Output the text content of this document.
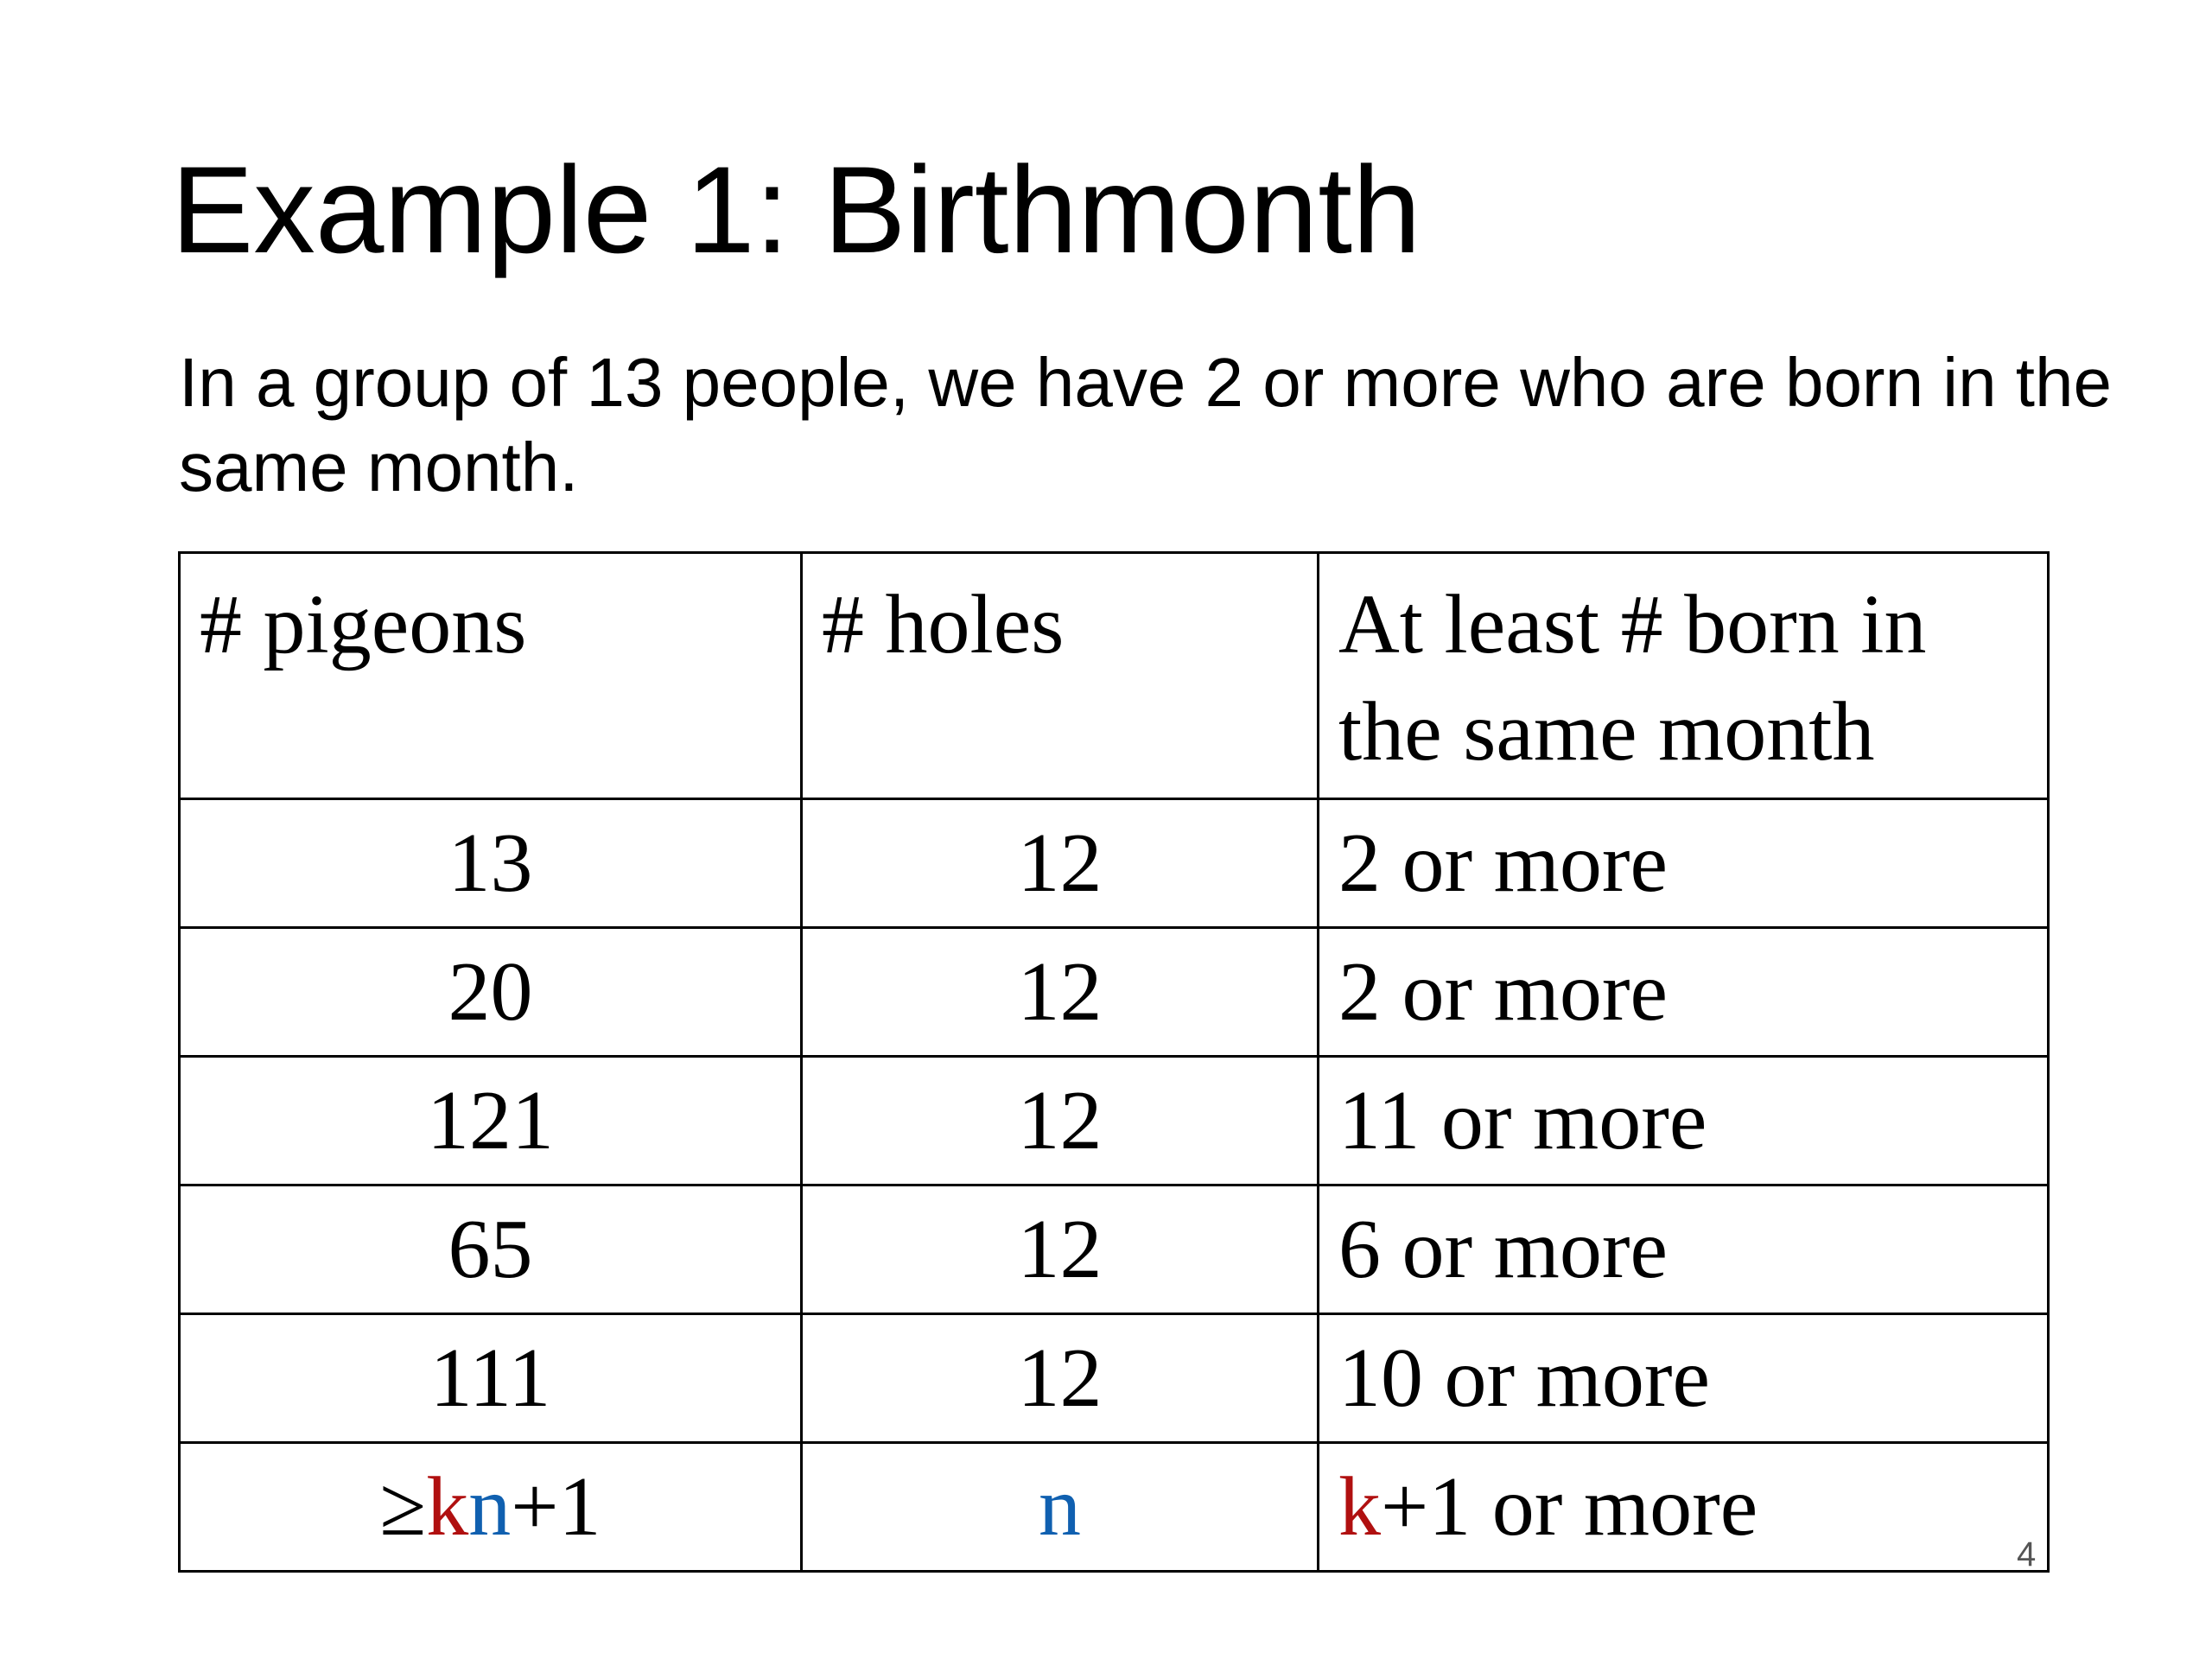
Example 1: Birthmonth

In a group of 13 people, we have 2 or more who are born in the same month.

# pigeons	# holes	At least # born in the same month
13	12	2 or more
20	12	2 or more
121	12	11 or more
65	12	6 or more
111	12	10 or more
≥kn+1	n	k+1 or more
4
